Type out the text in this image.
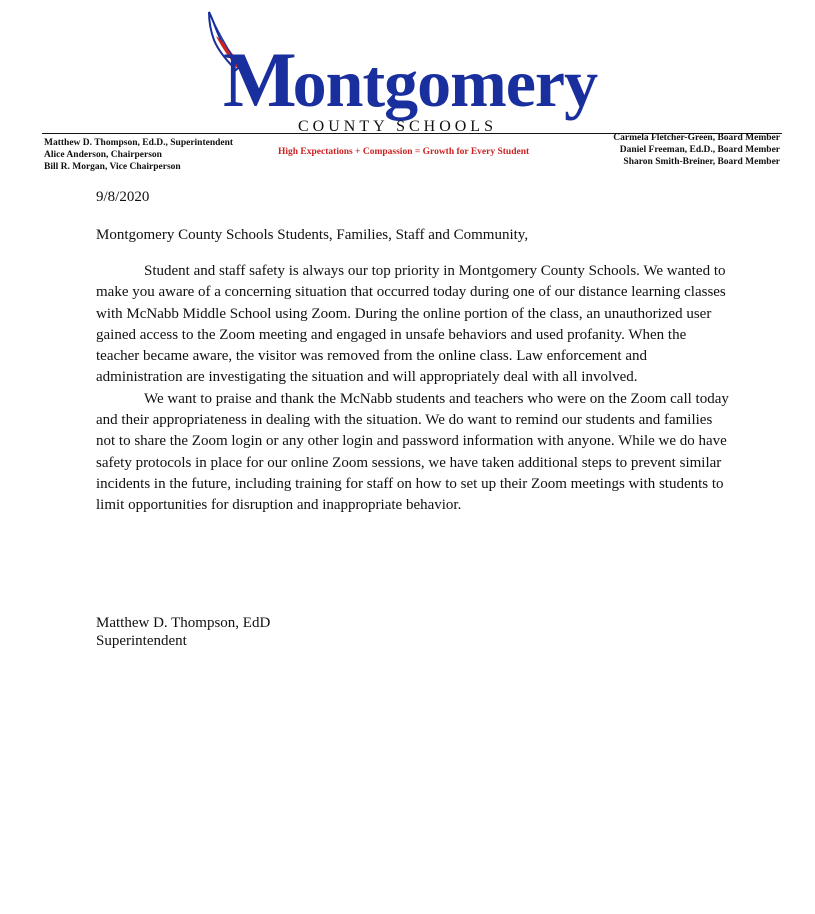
Montgomery
COUNTY SCHOOLS
Matthew D. Thompson, Ed.D., Superintendent
Alice Anderson, Chairperson
Bill R. Morgan, Vice Chairperson
High Expectations + Compassion = Growth for Every Student
Carmela Fletcher-Green, Board Member
Daniel Freeman, Ed.D., Board Member
Sharon Smith-Breiner, Board Member
9/8/2020
Montgomery County Schools Students, Families, Staff and Community,

Student and staff safety is always our top priority in Montgomery County Schools. We wanted to make you aware of a concerning situation that occurred today during one of our distance learning classes with McNabb Middle School using Zoom. During the online portion of the class, an unauthorized user gained access to the Zoom meeting and engaged in unsafe behaviors and used profanity. When the teacher became aware, the visitor was removed from the online class. Law enforcement and administration are investigating the situation and will appropriately deal with all involved.

We want to praise and thank the McNabb students and teachers who were on the Zoom call today and their appropriateness in dealing with the situation. We do want to remind our students and families not to share the Zoom login or any other login and password information with anyone. While we do have safety protocols in place for our online Zoom sessions, we have taken additional steps to prevent similar incidents in the future, including training for staff on how to set up their Zoom meetings with students to limit opportunities for disruption and inappropriate behavior.

Matthew D. Thompson, EdD
Superintendent
